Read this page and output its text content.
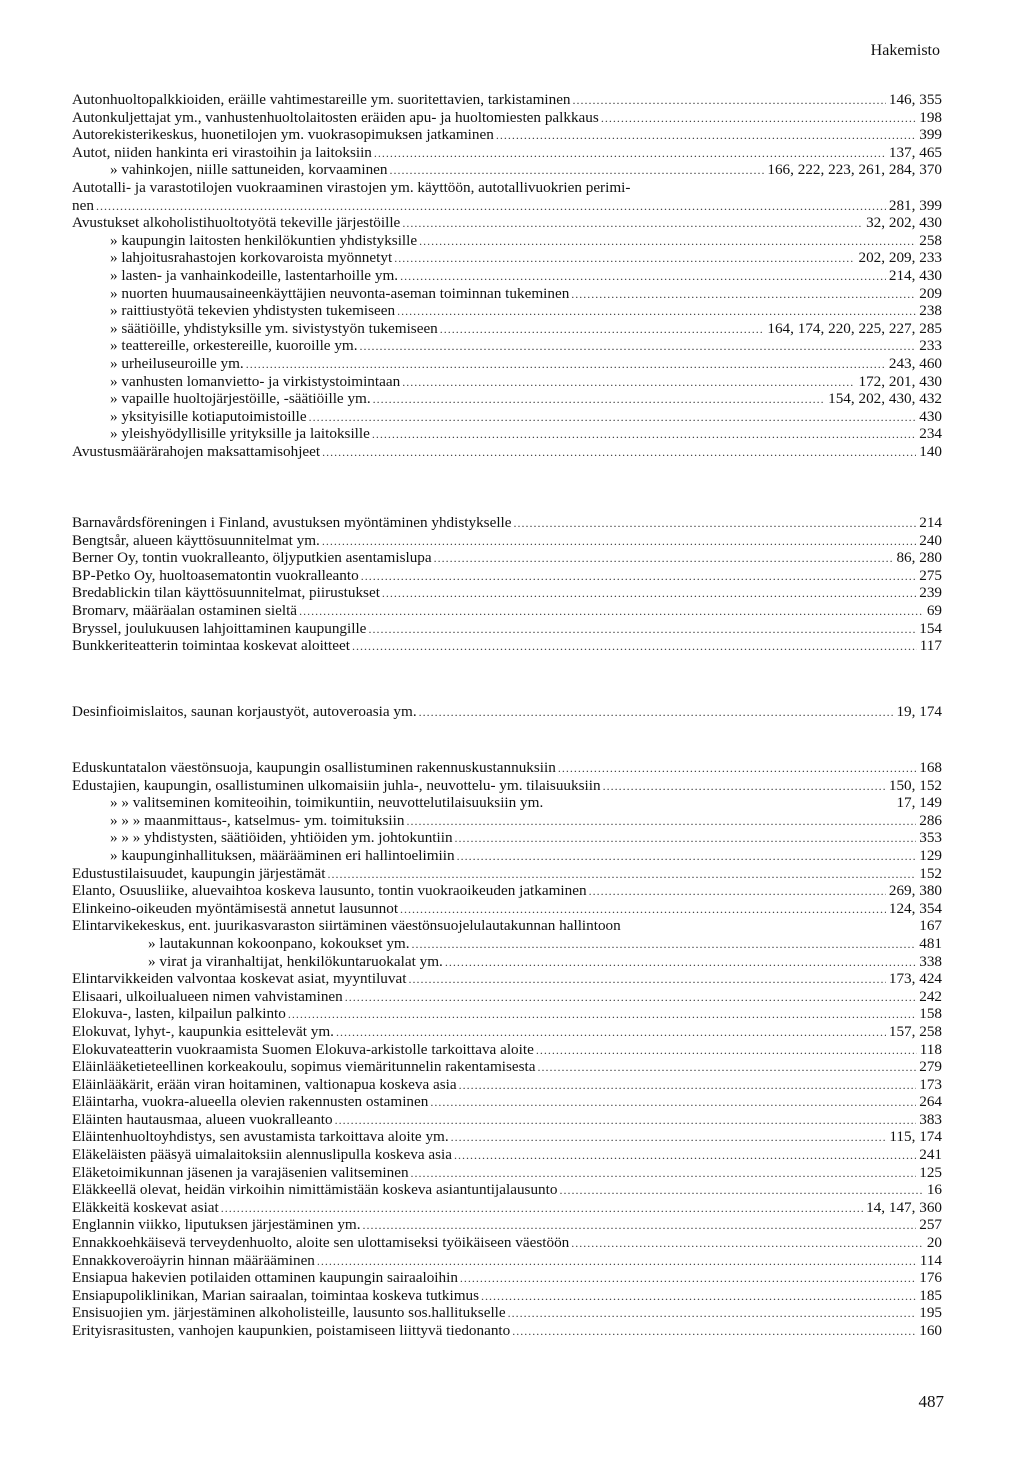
Hakemisto
Autonhuoltopalkkioiden, eräille vahtimestareille ym. suoritettavien, tarkistaminen .....	146, 355
Autonkuljettajat ym., vanhustenhuoltolaitosten eräiden apu- ja huoltomiesten palkkaus .....	198
Autorekisterikeskus, huonetilojen ym. vuokrasopimuksen jatkaminen .....	399
Autot, niiden hankinta eri virastoihin ja laitoksiin .....	137, 465
» vahinkojen, niille sattuneiden, korvaaminen .....	166, 222, 223, 261, 284, 370
Autotalli- ja varastotilojen vuokraaminen virastojen ym. käyttöön, autotallivuokrien perimi-
nen .....	281, 399
Avustukset alkoholistihuoltotyötä tekeville järjestöille .....	32, 202, 430
» kaupungin laitosten henkilökuntien yhdistyksille .....	258
» lahjoitusrahastojen korkovaroista myönnetyt .....	202, 209, 233
» lasten- ja vanhainkodeille, lastentarhoille ym. .....	214, 430
» nuorten huumausaineenkäyttäjien neuvonta-aseman toiminnan tukeminen .....	209
» raittiustyötä tekevien yhdistysten tukemiseen .....	238
» säätiöille, yhdistyksille ym. sivistystyön tukemiseen .....	164, 174, 220, 225, 227, 285
» teattereille, orkestereille, kuoroille ym. .....	233
» urheiluseuroille ym. .....	243, 460
» vanhusten lomanvietto- ja virkistystoimintaan .....	172, 201, 430
» vapaille huoltojärjestöille, -säätiöille ym. .....	154, 202, 430, 432
» yksityisille kotiaputoimistoille .....	430
» yleishyödyllisille yrityksille ja laitoksille .....	234
Avustusmäärärahojen maksattamisohjeet .....	140
Barnavårdsföreningen i Finland, avustuksen myöntäminen yhdistykselle .....	214
Bengtsår, alueen käyttösuunnitelmat ym. .....	240
Berner Oy, tontin vuokralleanto, öljyputkien asentamislupa .....	86, 280
BP-Petko Oy, huoltoasematontin vuokralleanto .....	275
Bredablickin tilan käyttösuunnitelmat, piirustukset .....	239
Bromarv, määräalan ostaminen sieltä .....	69
Bryssel, joulukuusen lahjoittaminen kaupungille .....	154
Bunkkeriteatterin toimintaa koskevat aloitteet .....	117
Desinfioimislaitos, saunan korjaustyöt, autoveroasia ym. .....	19, 174
Eduskuntatalon väestönsuoja, kaupungin osallistuminen rakennuskustannuksiin .....	168
Edustajien, kaupungin, osallistuminen ulkomaisiin juhla-, neuvottelu- ym. tilaisuuksiin .....	150, 152
» » valitseminen komiteoihin, toimikuntiin, neuvottelutilaisuuksiin ym.	17, 149
» » » maanmittaus-, katselmus- ym. toimituksiin .....	286
» » » yhdistysten, säätiöiden, yhtiöiden ym. johtokuntiin .....	353
» kaupunginhallituksen, määrääminen eri hallintoelimiin .....	129
Edustustilaisuudet, kaupungin järjestämät .....	152
Elanto, Osuusliike, aluevaihtoa koskeva lausunto, tontin vuokraoikeuden jatkaminen .....	269, 380
Elinkeino-oikeuden myöntämisestä annetut lausunnot .....	124, 354
Elintarvikekeskus, ent. juurikasvaraston siirtäminen väestönsuojelulautakunnan hallintoon	167
» lautakunnan kokoonpano, kokoukset ym. .....	481
» virat ja viranhaltijat, henkilökuntaruokalat ym. .....	338
Elintarvikkeiden valvontaa koskevat asiat, myyntiluvat .....	173, 424
Elisaari, ulkoilualueen nimen vahvistaminen .....	242
Elokuva-, lasten, kilpailun palkinto .....	158
Elokuvat, lyhyt-, kaupunkia esittelevät ym. .....	157, 258
Elokuvateatterin vuokraamista Suomen Elokuva-arkistolle tarkoittava aloite .....	118
Eläinlääketieteellinen korkeakoulu, sopimus viemäritunnelin rakentamisesta .....	279
Eläinlääkärit, erään viran hoitaminen, valtionapua koskeva asia .....	173
Eläintarha, vuokra-alueella olevien rakennusten ostaminen .....	264
Eläinten hautausmaa, alueen vuokralleanto .....	383
Eläintenhuoltoyhdistys, sen avustamista tarkoittava aloite ym. .....	115, 174
Eläkeläisten pääsyä uimalaitoksiin alennuslipulla koskeva asia .....	241
Eläketoimikunnan jäsenen ja varajäsenien valitseminen .....	125
Eläkkeellä olevat, heidän virkoihin nimittämistään koskeva asiantuntijalausunto .....	16
Eläkkeitä koskevat asiat .....	14, 147, 360
Englannin viikko, liputuksen järjestäminen ym. .....	257
Ennakkoehkäisevä terveydenhuolto, aloite sen ulottamiseksi työikäiseen väestöön .....	20
Ennakkoveroäyrin hinnan määrääminen .....	114
Ensiapua hakevien potilaiden ottaminen kaupungin sairaaloihin .....	176
Ensiapupoliklinikan, Marian sairaalan, toimintaa koskeva tutkimus .....	185
Ensisuojien ym. järjestäminen alkoholisteille, lausunto sos.hallitukselle .....	195
Erityisrasitusten, vanhojen kaupunkien, poistamiseen liittyvä tiedonanto .....	160
487
